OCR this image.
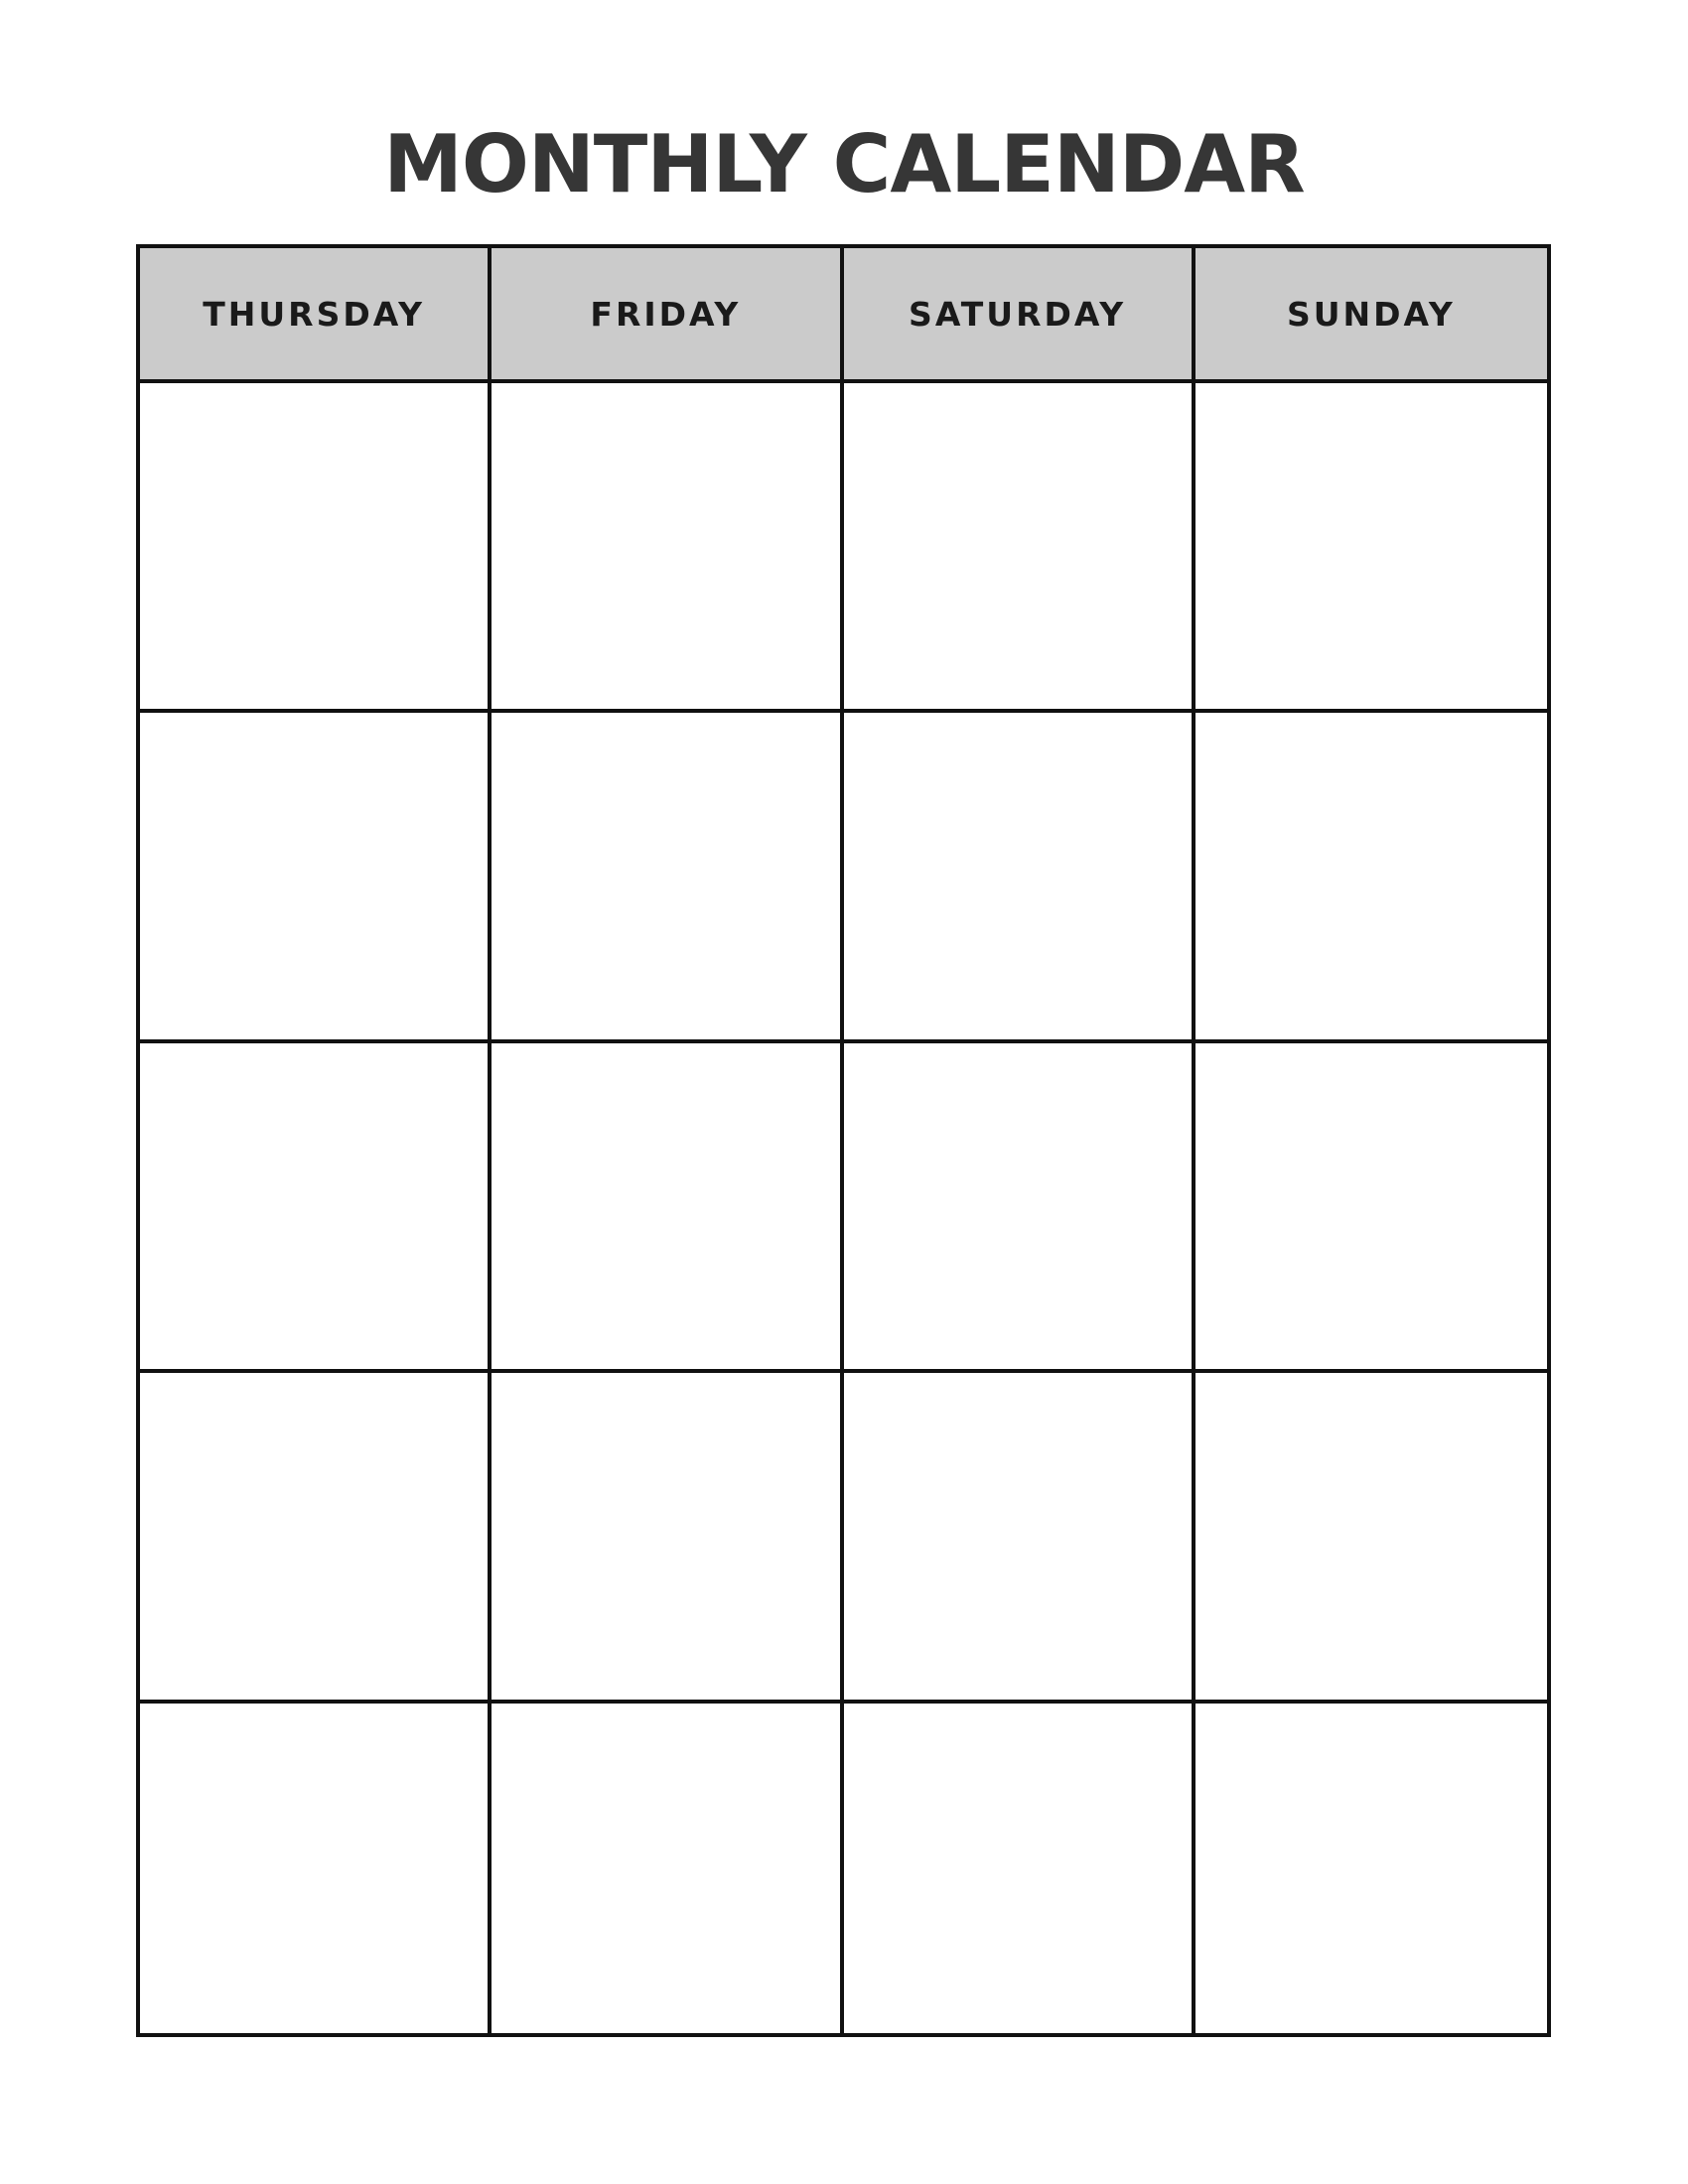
MONTHLY CALENDAR
THURSDAY	FRIDAY	SATURDAY	SUNDAY
